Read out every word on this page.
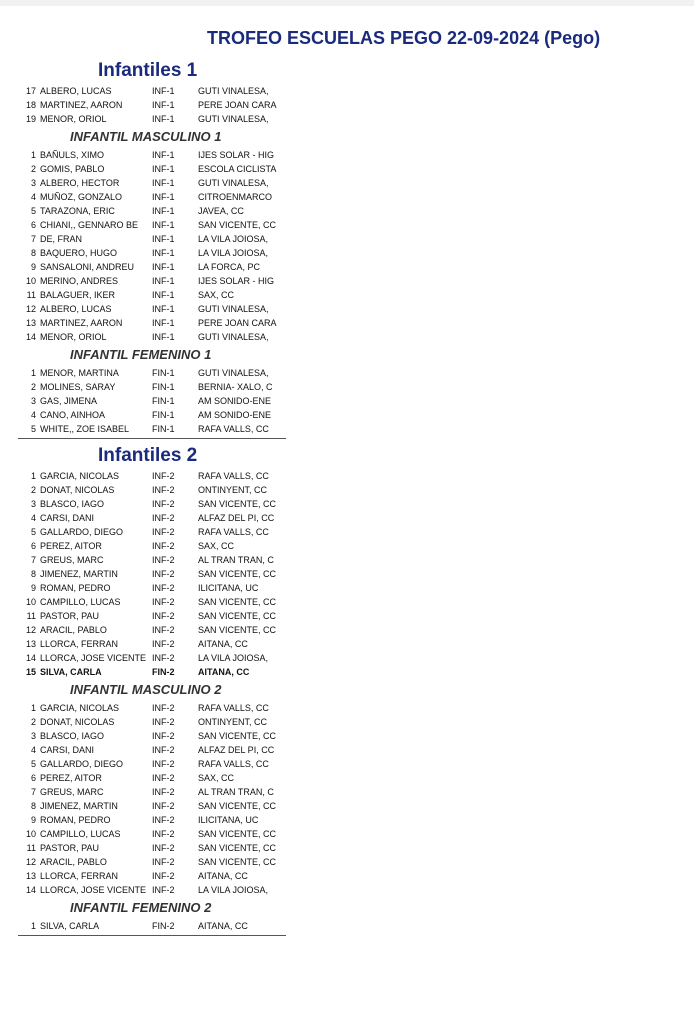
TROFEO ESCUELAS PEGO 22-09-2024 (Pego)
Infantiles 1
17 ALBERO, LUCAS	INF-1	GUTI VINALESA,
18 MARTINEZ, AARON	INF-1	PERE JOAN CARA
19 MENOR, ORIOL	INF-1	GUTI VINALESA,
INFANTIL MASCULINO 1
1 BAÑULS, XIMO	INF-1	IJES SOLAR - HIG
2 GOMIS, PABLO	INF-1	ESCOLA CICLISTA
3 ALBERO, HECTOR	INF-1	GUTI VINALESA,
4 MUÑOZ, GONZALO	INF-1	CITROENMARCO
5 TARAZONA, ERIC	INF-1	JAVEA, CC
6 CHIANI,, GENNARO BE	INF-1	SAN VICENTE, CC
7 DE, FRAN	INF-1	LA VILA JOIOSA,
8 BAQUERO, HUGO	INF-1	LA VILA JOIOSA,
9 SANSALONI, ANDREU	INF-1	LA FORCA, PC
10 MERINO, ANDRES	INF-1	IJES SOLAR - HIG
11 BALAGUER, IKER	INF-1	SAX, CC
12 ALBERO, LUCAS	INF-1	GUTI VINALESA,
13 MARTINEZ, AARON	INF-1	PERE JOAN CARA
14 MENOR, ORIOL	INF-1	GUTI VINALESA,
INFANTIL FEMENINO 1
1 MENOR, MARTINA	FIN-1	GUTI VINALESA,
2 MOLINES, SARAY	FIN-1	BERNIA- XALO, C
3 GAS, JIMENA	FIN-1	AM SONIDO-ENE
4 CANO, AINHOA	FIN-1	AM SONIDO-ENE
5 WHITE,, ZOE ISABEL	FIN-1	RAFA VALLS, CC
Infantiles 2
1 GARCIA, NICOLAS	INF-2	RAFA VALLS, CC
2 DONAT, NICOLAS	INF-2	ONTINYENT, CC
3 BLASCO, IAGO	INF-2	SAN VICENTE, CC
4 CARSI, DANI	INF-2	ALFAZ DEL PI, CC
5 GALLARDO, DIEGO	INF-2	RAFA VALLS, CC
6 PEREZ, AITOR	INF-2	SAX, CC
7 GREUS, MARC	INF-2	AL TRAN TRAN, C
8 JIMENEZ, MARTIN	INF-2	SAN VICENTE, CC
9 ROMAN, PEDRO	INF-2	ILICITANA, UC
10 CAMPILLO, LUCAS	INF-2	SAN VICENTE, CC
11 PASTOR, PAU	INF-2	SAN VICENTE, CC
12 ARACIL, PABLO	INF-2	SAN VICENTE, CC
13 LLORCA, FERRAN	INF-2	AITANA, CC
14 LLORCA, JOSE VICENTE INF-2	LA VILA JOIOSA,
15 SILVA, CARLA	FIN-2	AITANA, CC
INFANTIL MASCULINO 2
1 GARCIA, NICOLAS	INF-2	RAFA VALLS, CC
2 DONAT, NICOLAS	INF-2	ONTINYENT, CC
3 BLASCO, IAGO	INF-2	SAN VICENTE, CC
4 CARSI, DANI	INF-2	ALFAZ DEL PI, CC
5 GALLARDO, DIEGO	INF-2	RAFA VALLS, CC
6 PEREZ, AITOR	INF-2	SAX, CC
7 GREUS, MARC	INF-2	AL TRAN TRAN, C
8 JIMENEZ, MARTIN	INF-2	SAN VICENTE, CC
9 ROMAN, PEDRO	INF-2	ILICITANA, UC
10 CAMPILLO, LUCAS	INF-2	SAN VICENTE, CC
11 PASTOR, PAU	INF-2	SAN VICENTE, CC
12 ARACIL, PABLO	INF-2	SAN VICENTE, CC
13 LLORCA, FERRAN	INF-2	AITANA, CC
14 LLORCA, JOSE VICENTE INF-2	LA VILA JOIOSA,
INFANTIL FEMENINO 2
1 SILVA, CARLA	FIN-2	AITANA, CC
